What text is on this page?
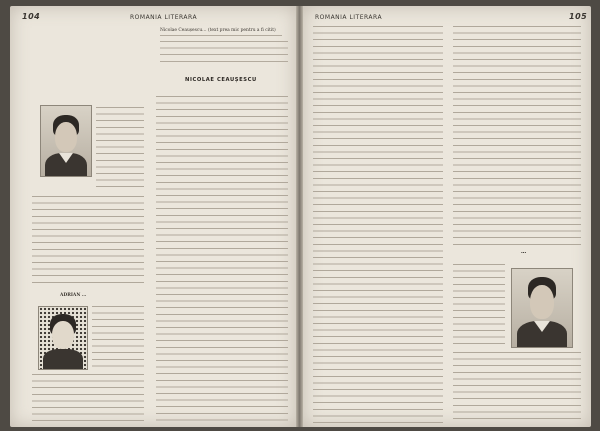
104	ROMANIA LITERARA
Nicolae Ceaușescu… (text prea mic pentru a fi citit)
NICOLAE CEAUȘESCU
ADRIAN …
ROMANIA LITERARA	105
…
